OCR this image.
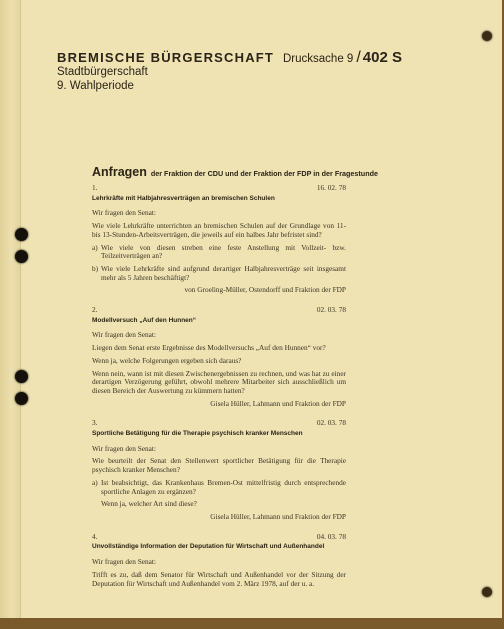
BREMISCHE BÜRGERSCHAFT
Stadtbürgerschaft
9. Wahlperiode
Drucksache 9 / 402 S
Anfragen der Fraktion der CDU und der Fraktion der FDP in der Fragestunde
1.	16. 02. 78
Lehrkräfte mit Halbjahresverträgen an bremischen Schulen
Wir fragen den Senat:
Wie viele Lehrkräfte unterrichten an bremischen Schulen auf der Grundlage von 11- bis 13-Stunden-Arbeitsverträgen, die jeweils auf ein halbes Jahr befristet sind?
a) Wie viele von diesen streben eine feste Anstellung mit Vollzeit- bzw. Teilzeitverträgen an?
b) Wie viele Lehrkräfte sind aufgrund derartiger Halbjahresverträge seit insgesamt mehr als 5 Jahren beschäftigt?
von Groeling-Müller, Ostendorff und Fraktion der FDP
2.	02. 03. 78
Modellversuch „Auf den Hunnen“
Wir fragen den Senat:
Liegen dem Senat erste Ergebnisse des Modellversuchs „Auf den Hunnen“ vor?
Wenn ja, welche Folgerungen ergeben sich daraus?
Wenn nein, wann ist mit diesen Zwischenergebnissen zu rechnen, und was hat zu einer derartigen Verzögerung geführt, obwohl mehrere Mitarbeiter sich ausschließlich um diesen Bereich der Auswertung zu kümmern hatten?
Gisela Hüller, Lahmann und Fraktion der FDP
3.	02. 03. 78
Sportliche Betätigung für die Therapie psychisch kranker Menschen
Wir fragen den Senat:
Wie beurteilt der Senat den Stellenwert sportlicher Betätigung für die Therapie psychisch kranker Menschen?
a) Ist beabsichtigt, das Krankenhaus Bremen-Ost mittelfristig durch entsprechende sportliche Anlagen zu ergänzen?
Wenn ja, welcher Art sind diese?
Gisela Hüller, Lahmann und Fraktion der FDP
4.	04. 03. 78
Unvollständige Information der Deputation für Wirtschaft und Außenhandel
Wir fragen den Senat:
Trifft es zu, daß dem Senator für Wirtschaft und Außenhandel vor der Sitzung der Deputation für Wirtschaft und Außenhandel vom 2. März 1978, auf der u. a.
